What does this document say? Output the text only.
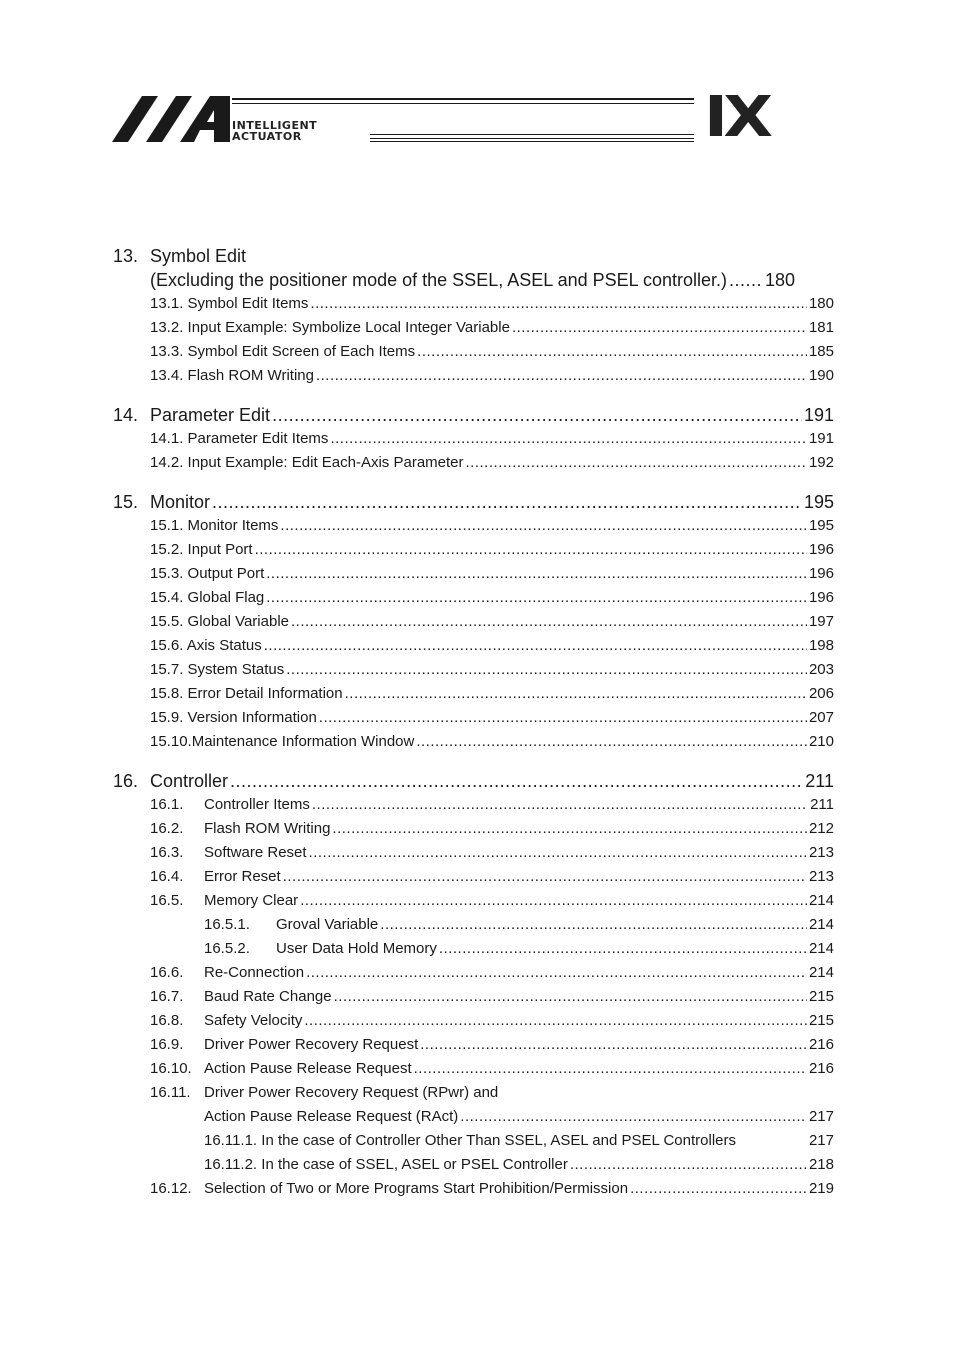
INTELLIGENT
ACTUATOR	IX
13. Symbol Edit
(Excluding the positioner mode of the SSEL, ASEL and PSEL controller.) ..... 180
13.1. Symbol Edit Items .....	180
13.2. Input Example: Symbolize Local Integer Variable .....	181
13.3. Symbol Edit Screen of Each Items .....	185
13.4. Flash ROM Writing .....	190
14. Parameter Edit .....	191
14.1. Parameter Edit Items .....	191
14.2. Input Example: Edit Each-Axis Parameter .....	192
15. Monitor .....	195
15.1. Monitor Items .....	195
15.2. Input Port .....	196
15.3. Output Port .....	196
15.4. Global Flag .....	196
15.5. Global Variable .....	197
15.6. Axis Status .....	198
15.7. System Status .....	203
15.8. Error Detail Information .....	206
15.9. Version Information .....	207
15.10.Maintenance Information Window .....	210
16. Controller .....	211
16.1.	Controller Items .....	211
16.2.	Flash ROM Writing .....	212
16.3.	Software Reset .....	213
16.4.	Error Reset .....	213
16.5.	Memory Clear .....	214
16.5.1.	Groval Variable .....	214
16.5.2.	User Data Hold Memory .....	214
16.6.	Re-Connection .....	214
16.7.	Baud Rate Change .....	215
16.8.	Safety Velocity .....	215
16.9.	Driver Power Recovery Request .....	216
16.10. Action Pause Release Request .....	216
16.11. Driver Power Recovery Request (RPwr) and
Action Pause Release Request (RAct) .....	217
16.11.1. In the case of Controller Other Than SSEL, ASEL and PSEL Controllers	217
16.11.2. In the case of SSEL, ASEL or PSEL Controller .....	218
16.12. Selection of Two or More Programs Start Prohibition/Permission .....	219
